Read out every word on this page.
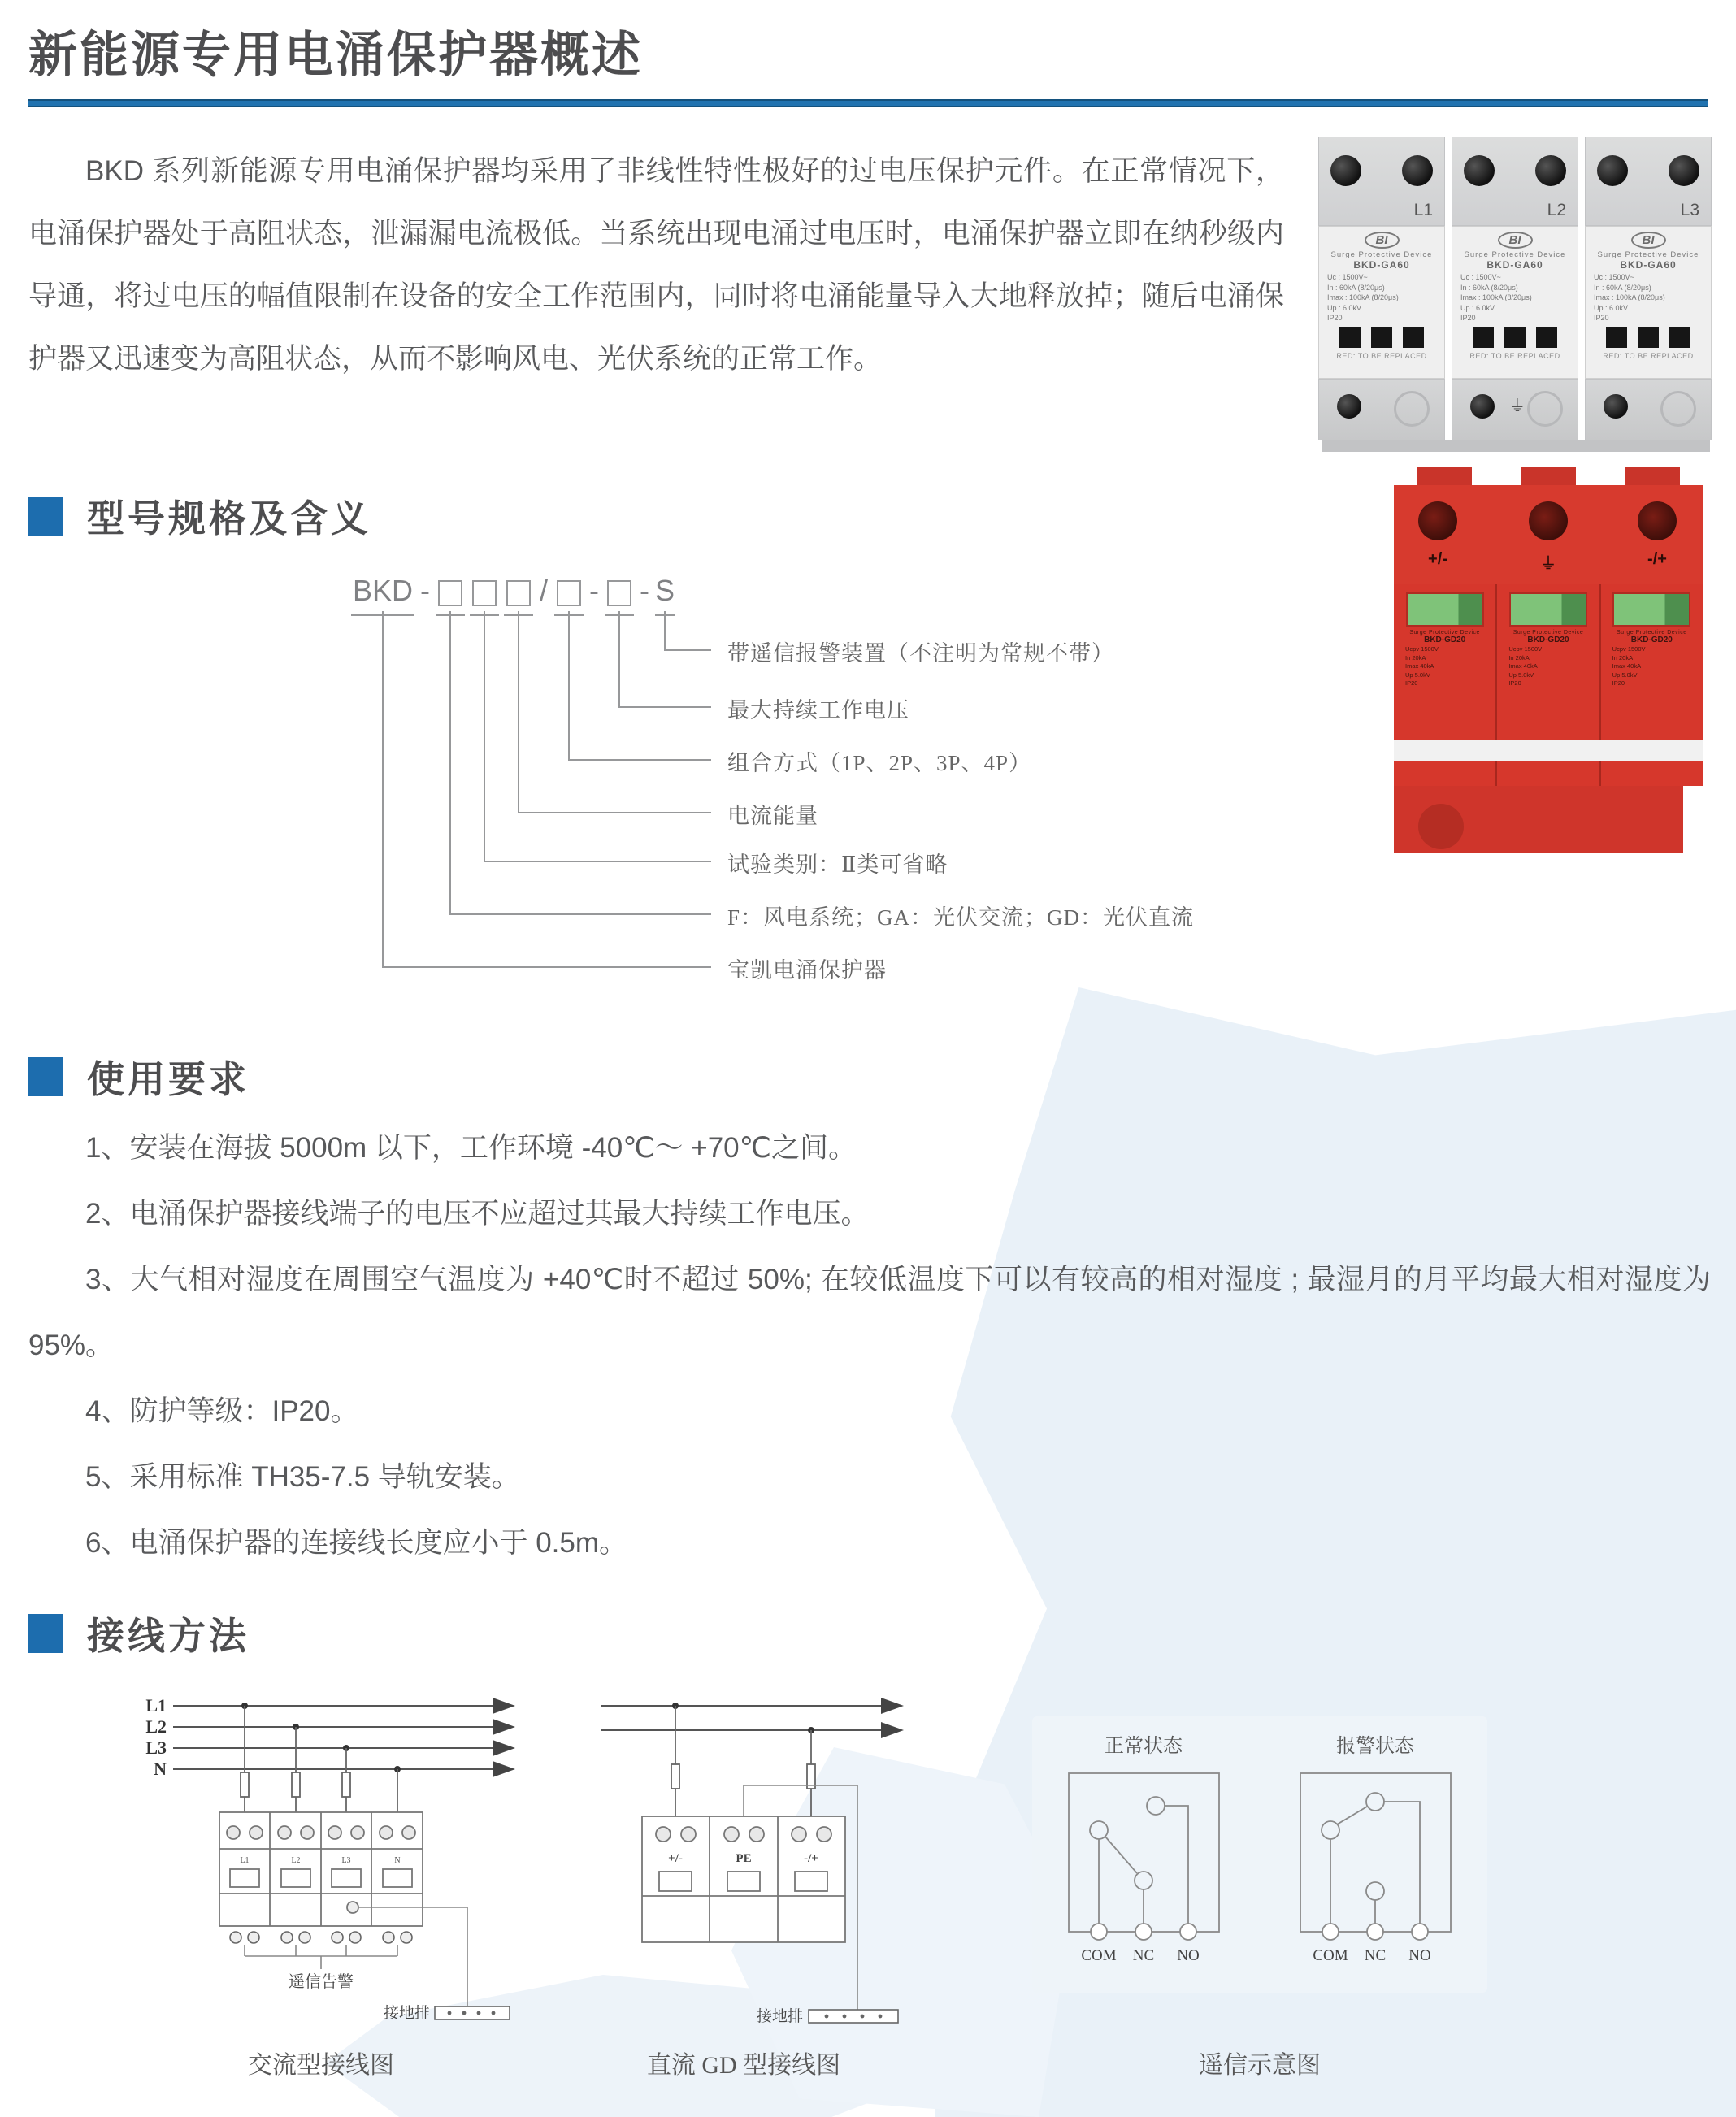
新能源专用电涌保护器概述
BKD 系列新能源专用电涌保护器均采用了非线性特性极好的过电压保护元件。在正常情况下，电涌保护器处于高阻状态，泄漏漏电流极低。当系统出现电涌过电压时，电涌保护器立即在纳秒级内导通，将过电压的幅值限制在设备的安全工作范围内，同时将电涌能量导入大地释放掉；随后电涌保护器又迅速变为高阻状态，从而不影响风电、光伏系统的正常工作。
L1
BI
Surge Protective Device
BKD-GA60
Uc : 1500V~
In : 60kA (8/20μs)
Imax : 100kA (8/20μs)
Up : 6.0kV
IP20
RED: TO BE REPLACED
L2
BI
Surge Protective Device
BKD-GA60
Uc : 1500V~
In : 60kA (8/20μs)
Imax : 100kA (8/20μs)
Up : 6.0kV
IP20
RED: TO BE REPLACED
⏚
L3
BI
Surge Protective Device
BKD-GA60
Uc : 1500V~
In : 60kA (8/20μs)
Imax : 100kA (8/20μs)
Up : 6.0kV
IP20
RED: TO BE REPLACED
型号规格及含义
BKD -	/ - - S
带遥信报警装置（不注明为常规不带）
最大持续工作电压
组合方式（1P、2P、3P、4P）
电流能量
试验类别：Ⅱ类可省略
F：风电系统；GA：光伏交流；GD：光伏直流
宝凯电涌保护器
+/-	⏚	-/+
Surge Protective Device
BKD-GD20
Ucpv 1500V
In 20kA
Imax 40kA
Up 5.0kV
IP20
Surge Protective Device
BKD-GD20
Ucpv 1500V
In 20kA
Imax 40kA
Up 5.0kV
IP20
Surge Protective Device
BKD-GD20
Ucpv 1500V
In 20kA
Imax 40kA
Up 5.0kV
IP20
使用要求

1、安装在海拔 5000m 以下，工作环境 -40℃～ +70℃之间。

2、电涌保护器接线端子的电压不应超过其最大持续工作电压。

3、大气相对湿度在周围空气温度为 +40℃时不超过 50%; 在较低温度下可以有较高的相对湿度 ; 最湿月的月平均最大相对湿度为 95%。

4、防护等级：IP20。

5、采用标准 TH35-7.5 导轨安装。

6、电涌保护器的连接线长度应小于 0.5m。

接线方法
L1
L2
L3
N
L1	L2	L3	N
遥信告警
接地排
交流型接线图
+/-	PE	-/+
接地排
直流 GD 型接线图
正常状态	报警状态
COM NC NO	COM NC NO
遥信示意图
